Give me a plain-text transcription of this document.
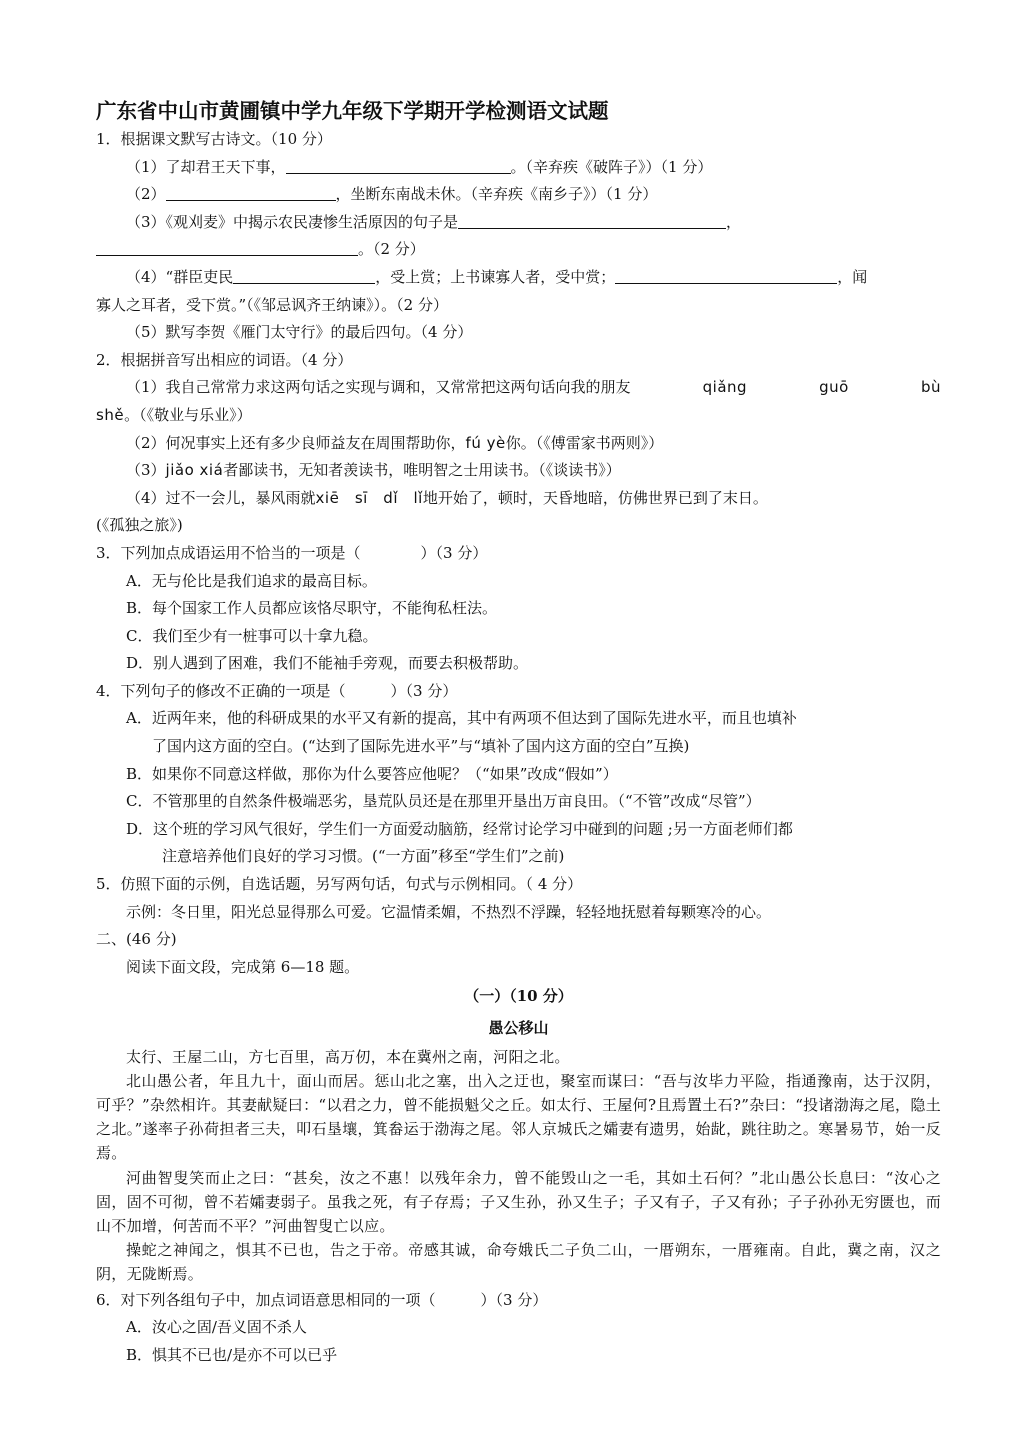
广东省中山市黄圃镇中学九年级下学期开学检测语文试题
1．根据课文默写古诗文。（10 分）
（1）了却君王天下事，	。（辛弃疾《破阵子》）（1 分）
（2）	，坐断东南战未休。（辛弃疾《南乡子》）（1 分）
（3）《观刈麦》中揭示农民凄惨生活原因的句子是	，
。（2 分）
（4）“群臣吏民	，受上赏；上书谏寡人者，受中赏；	，闻
寡人之耳者，受下赏。”（《邹忌讽齐王纳谏》）。（2 分）
（5）默写李贺《雁门太守行》的最后四句。（4 分）
2．根据拼音写出相应的词语。（4 分）
（1）我自己常常力求这两句话之实现与调和，又常常把这两句话向我的朋友	qiǎng	guō	bù
shě。（《敬业与乐业》）
（2）何况事实上还有多少良师益友在周围帮助你，fú yè你。（《傅雷家书两则》）
（3）jiǎo xiá者鄙读书，无知者羡读书，唯明智之士用读书。（《谈读书》）
（4）过不一会儿，暴风雨就xiē　sī　dǐ　lǐ地开始了，顿时，天昏地暗，仿佛世界已到了末日。
(《孤独之旅》)
3．下列加点成语运用不恰当的一项是（　　　　）（3 分）
A．无与伦比是我们追求的最高目标。
B．每个国家工作人员都应该恪尽职守，不能徇私枉法。
C．我们至少有一桩事可以十拿九稳。
D．别人遇到了困难，我们不能袖手旁观，而要去积极帮助。
4．下列句子的修改不正确的一项是（　　　）（3 分）
A．近两年来，他的科研成果的水平又有新的提高，其中有两项不但达到了国际先进水平，而且也填补
了国内这方面的空白。(“达到了国际先进水平”与“填补了国内这方面的空白”互换)
B．如果你不同意这样做，那你为什么要答应他呢？（“如果”改成“假如”）
C．不管那里的自然条件极端恶劣，垦荒队员还是在那里开垦出万亩良田。（“不管”改成“尽管”）
D．这个班的学习风气很好，学生们一方面爱动脑筋，经常讨论学习中碰到的问题 ;另一方面老师们都
注意培养他们良好的学习习惯。(“一方面”移至“学生们”之前)
5．仿照下面的示例，自选话题，另写两句话，句式与示例相同。（ 4 分）
示例：冬日里，阳光总显得那么可爱。它温情柔媚，不热烈不浮躁，轻轻地抚慰着每颗寒冷的心。
二、(46 分)
阅读下面文段，完成第 6—18 题。
（一）（10 分）
愚公移山
太行、王屋二山，方七百里，高万仞，本在冀州之南，河阳之北。
北山愚公者，年且九十，面山而居。惩山北之塞，出入之迂也，聚室而谋曰：“吾与汝毕力平险，指通豫南，达于汉阴，可乎？”杂然相许。其妻献疑曰：“以君之力，曾不能损魁父之丘。如太行、王屋何?且焉置土石?”杂曰：“投诸渤海之尾，隐土之北。”遂率子孙荷担者三夫，叩石垦壤，箕畚运于渤海之尾。邻人京城氏之孀妻有遗男，始龀，跳往助之。寒暑易节，始一反焉。
河曲智叟笑而止之曰：“甚矣，汝之不惠！以残年余力，曾不能毁山之一毛，其如土石何？”北山愚公长息曰：“汝心之固，固不可彻，曾不若孀妻弱子。虽我之死，有子存焉；子又生孙，孙又生子；子又有子，子又有孙；子子孙孙无穷匮也，而山不加增，何苦而不平？”河曲智叟亡以应。
操蛇之神闻之，惧其不已也，告之于帝。帝感其诚，命夸娥氏二子负二山，一厝朔东，一厝雍南。自此，冀之南，汉之阴，无陇断焉。
6．对下列各组句子中，加点词语意思相同的一项（　　　）（3 分）
A．汝心之固/吾义固不杀人
B．惧其不已也/是亦不可以已乎
